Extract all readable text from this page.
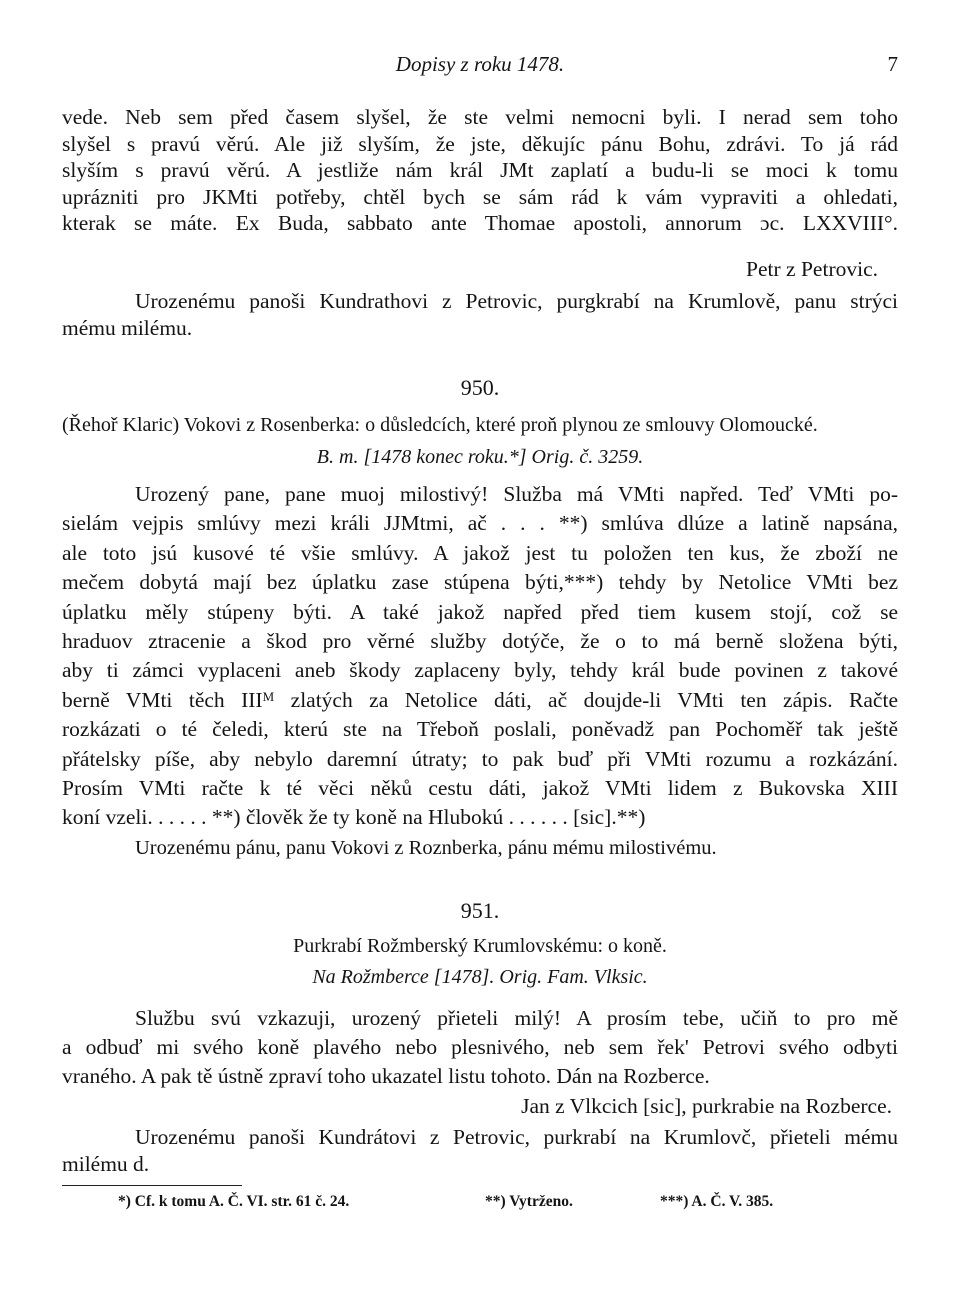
Dopisy z roku 1478.	7
vede. Neb sem před časem slyšel, že ste velmi nemocni byli. I nerad sem toho
slyšel s pravú věrú. Ale již slyším, že jste, děkujíc pánu Bohu, zdrávi. To já rád
slyším s pravú věrú. A jestliže nám král JMt zaplatí a budu-li se moci k tomu
uprázniti pro JKMti potřeby, chtěl bych se sám rád k vám vypraviti a ohledati,
kterak se máte. Ex Buda, sabbato ante Thomae apostoli, annorum ɔc. LXXVIII°.
Petr z Petrovic.
Urozenému panoši Kundrathovi z Petrovic, purgkrabí na Krumlově, panu strýci
mému milému.
950.
(Řehoř Klaric) Vokovi z Rosenberka: o důsledcích, které proň plynou ze smlouvy Olomoucké.
B. m. [1478 konec roku.*] Orig. č. 3259.
Urozený pane, pane muoj milostivý! Služba má VMti napřed. Teď VMti po-
sielám vejpis smlúvy mezi králi JJMtmi, ač . . . **) smlúva dlúze a latině napsána,
ale toto jsú kusové té všie smlúvy. A jakož jest tu položen ten kus, že zboží ne
mečem dobytá mají bez úplatku zase stúpena býti,***) tehdy by Netolice VMti bez
úplatku měly stúpeny býti. A také jakož napřed před tiem kusem stojí, což se
hraduov ztracenie a škod pro věrné služby dotýče, že o to má berně složena býti,
aby ti zámci vyplaceni aneb škody zaplaceny byly, tehdy král bude povinen z takové
berně VMti těch IIIᴹ zlatých za Netolice dáti, ač doujde-li VMti ten zápis. Račte
rozkázati o té čeledi, kterú ste na Třeboň poslali, poněvadž pan Pochoměř tak ještě
přátelsky píše, aby nebylo daremní útraty; to pak buď při VMti rozumu a rozkázání.
Prosím VMti račte k té věci něků cestu dáti, jakož VMti lidem z Bukovska XIII
koní vzeli. . . . . . **) člověk že ty koně na Hlubokú . . . . . . [sic].**)
Urozenému pánu, panu Vokovi z Roznberka, pánu mému milostivému.
951.
Purkrabí Rožmberský Krumlovskému: o koně.
Na Rožmberce [1478]. Orig. Fam. Vlksic.
Službu svú vzkazuji, urozený přieteli milý! A prosím tebe, učiň to pro mě
a odbuď mi svého koně plavého nebo plesnivého, neb sem řek' Petrovi svého odbyti
vraného. A pak tě ústně zpraví toho ukazatel listu tohoto. Dán na Rozberce.
Jan z Vlkcich [sic], purkrabie na Rozberce.
Urozenému panoši Kundrátovi z Petrovic, purkrabí na Krumlovč, přieteli mému
milému d.
*) Cf. k tomu A. Č. VI. str. 61 č. 24.	**) Vytrženo.	***) A. Č. V. 385.
